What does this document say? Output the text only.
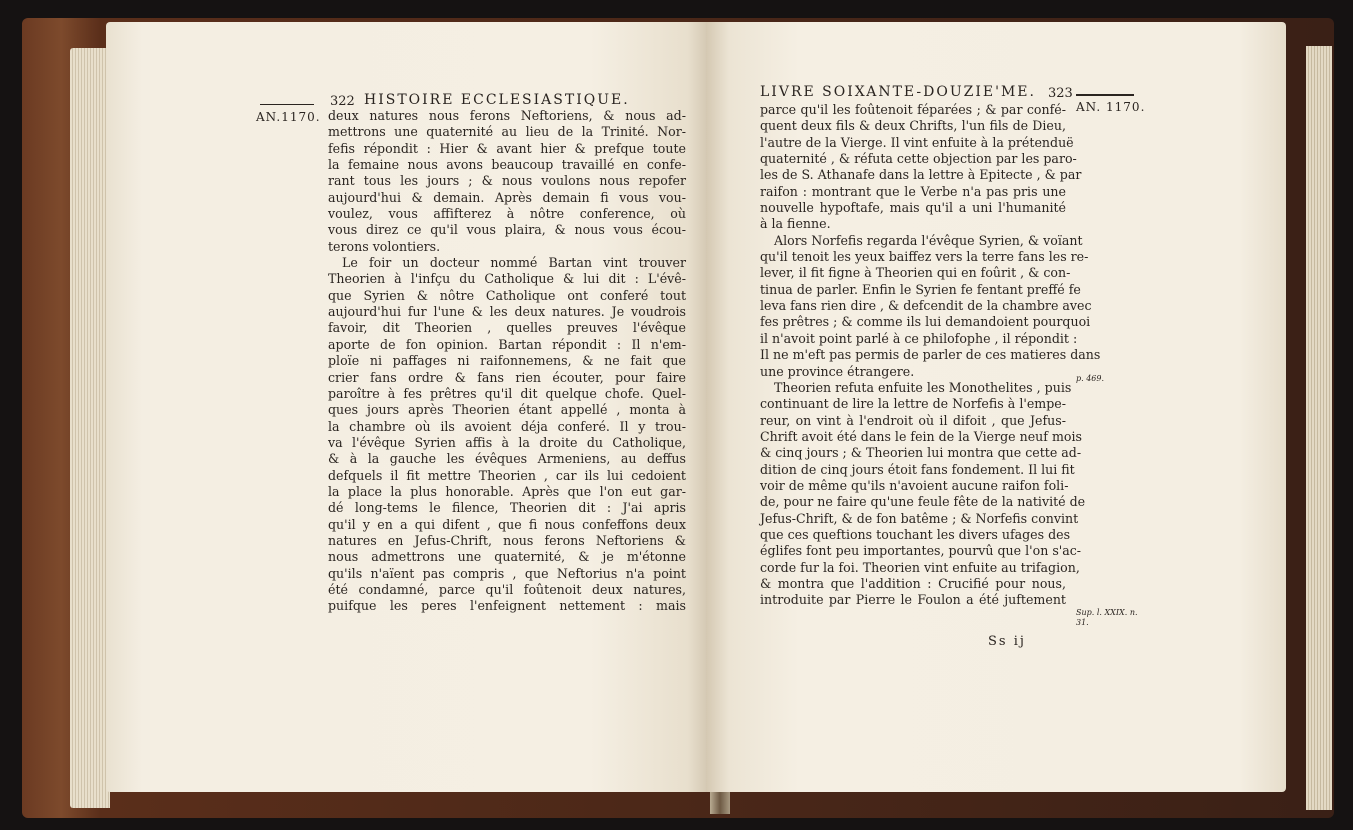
AN.1170.
322 HISTOIRE ECCLESIASTIQUE.
deux natures nous ferons Neftoriens, & nous ad-
mettrons une quaternité au lieu de la Trinité. Nor-
fefis répondit : Hier & avant hier & prefque toute
la femaine nous avons beaucoup travaillé en confe-
rant tous les jours ; & nous voulons nous repofer
aujourd'hui & demain. Après demain fi vous vou-
voulez, vous affifterez à nôtre conference, où
vous direz ce qu'il vous plaira, & nous vous écou-
terons volontiers.
Le foir un docteur nommé Bartan vint trouver
Theorien à l'infçu du Catholique & lui dit : L'évê-
que Syrien & nôtre Catholique ont conferé tout
aujourd'hui fur l'une & les deux natures. Je voudrois
favoir, dit Theorien , quelles preuves l'évêque
aporte de fon opinion. Bartan répondit : Il n'em-
ploïe ni paffages ni raifonnemens, & ne fait que
crier fans ordre & fans rien écouter, pour faire
paroître à fes prêtres qu'il dit quelque chofe. Quel-
ques jours après Theorien étant appellé , monta à
la chambre où ils avoient déja conferé. Il y trou-
va l'évêque Syrien affis à la droite du Catholique,
& à la gauche les évêques Armeniens, au deffus
defquels il fit mettre Theorien , car ils lui cedoient
la place la plus honorable. Après que l'on eut gar-
dé long-tems le filence, Theorien dit : J'ai apris
qu'il y en a qui difent , que fi nous confeffons deux
natures en Jefus-Chrift, nous ferons Neftoriens &
nous admettrons une quaternité, & je m'étonne
qu'ils n'aïent pas compris , que Neftorius n'a point
été condamné, parce qu'il foûtenoit deux natures,
puifque les peres l'enfeignent nettement : mais
LIVRE SOIXANTE-DOUZIE'ME. 323
AN. 1170.
parce qu'il les foûtenoit féparées ; & par confé-
quent deux fils & deux Chrifts, l'un fils de Dieu,
l'autre de la Vierge. Il vint enfuite à la prétenduë
quaternité , & réfuta cette objection par les paro-
les de S. Athanafe dans la lettre à Epitecte , & par
raifon : montrant que le Verbe n'a pas pris une
nouvelle hypoftafe, mais qu'il a uni l'humanité
à la fienne.
Alors Norfefis regarda l'évêque Syrien, & voïant
qu'il tenoit les yeux baiffez vers la terre fans les re-
lever, il fit figne à Theorien qui en foûrit , & con-
tinua de parler. Enfin le Syrien fe fentant preffé fe
leva fans rien dire , & defcendit de la chambre avec
fes prêtres ; & comme ils lui demandoient pourquoi
il n'avoit point parlé à ce philofophe , il répondit :
Il ne m'eft pas permis de parler de ces matieres dans
une province étrangere.
Theorien refuta enfuite les Monothelites , puis
continuant de lire la lettre de Norfefis à l'empe-
reur, on vint à l'endroit où il difoit , que Jefus-
Chrift avoit été dans le fein de la Vierge neuf mois
& cinq jours ; & Theorien lui montra que cette ad-
dition de cinq jours étoit fans fondement. Il lui fit
voir de même qu'ils n'avoient aucune raifon foli-
de, pour ne faire qu'une feule fête de la nativité de
Jefus-Chrift, & de fon batême ; & Norfefis convint
que ces queftions touchant les divers ufages des
églifes font peu importantes, pourvû que l'on s'ac-
corde fur la foi. Theorien vint enfuite au trifagion,
& montra que l'addition : Crucifié pour nous,
introduite par Pierre le Foulon a été juftement
p. 469.
Sup. l. XXIX. n.
31.
Ss ij
